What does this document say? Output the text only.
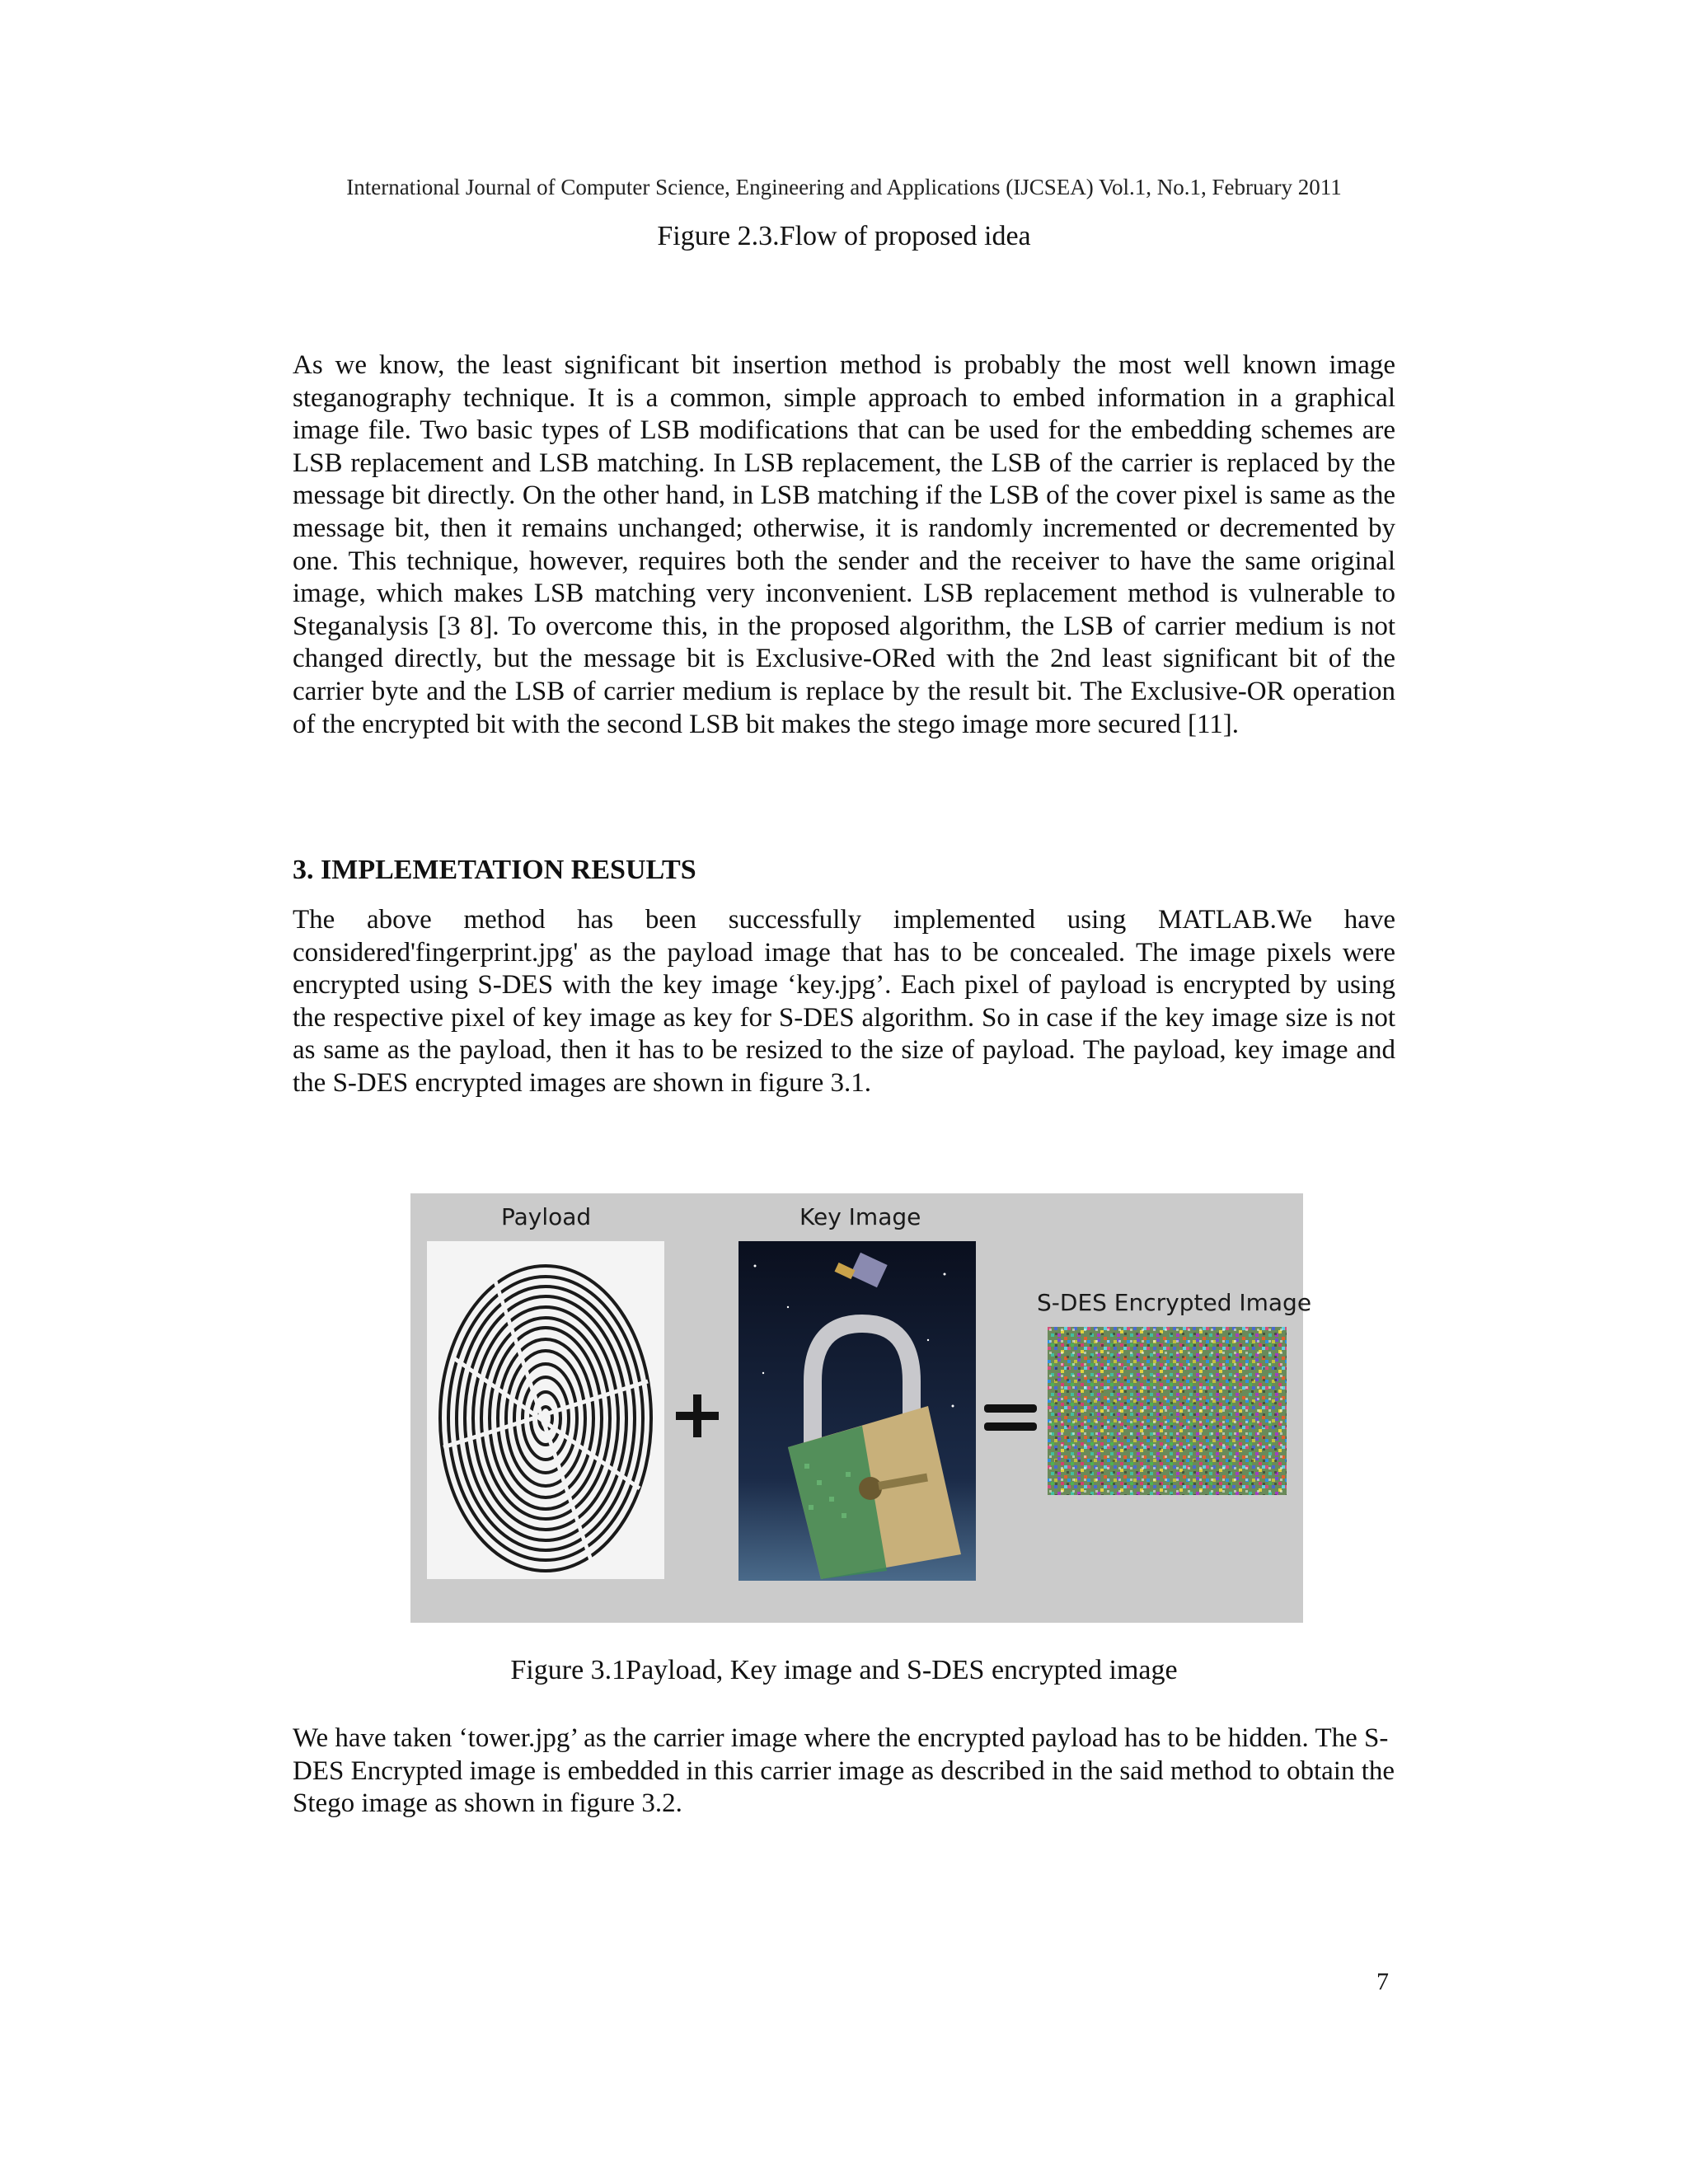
International Journal of Computer Science, Engineering and Applications (IJCSEA) Vol.1, No.1, February 2011
Figure 2.3.Flow of proposed idea

As we know, the least significant bit insertion method is probably the most well known image steganography technique. It is a common, simple approach to embed information in a graphical image file. Two basic types of LSB modifications that can be used for the embedding schemes are LSB replacement and LSB matching. In LSB replacement, the LSB of the carrier is replaced by the message bit directly. On the other hand, in LSB matching if the LSB of the cover pixel is same as the message bit, then it remains unchanged; otherwise, it is randomly incremented or decremented by one. This technique, however, requires both the sender and the receiver to have the same original image, which makes LSB matching very inconvenient. LSB replacement method is vulnerable to Steganalysis [3 8]. To overcome this, in the proposed algorithm, the LSB of carrier medium is not changed directly, but the message bit is Exclusive-ORed with the 2nd least significant bit of the carrier byte and the LSB of carrier medium is replace by the result bit. The Exclusive-OR operation of the encrypted bit with the second LSB bit makes the stego image more secured [11].

3. IMPLEMETATION RESULTS

The above method has been successfully implemented using MATLAB.We have considered'fingerprint.jpg' as the payload image that has to be concealed. The image pixels were encrypted using S-DES with the key image ‘key.jpg’. Each pixel of payload is encrypted by using the respective pixel of key image as key for S-DES algorithm. So in case if the key image size is not as same as the payload, then it has to be resized to the size of payload. The payload, key image and the S-DES encrypted images are shown in figure 3.1.

Payload	Key Image
S-DES Encrypted Image
Figure 3.1Payload, Key image and S-DES encrypted image

We have taken ‘tower.jpg’ as the carrier image where the encrypted payload has to be hidden. The S-DES Encrypted image is embedded in this carrier image as described in the said method to obtain the Stego image as shown in figure 3.2.

7
